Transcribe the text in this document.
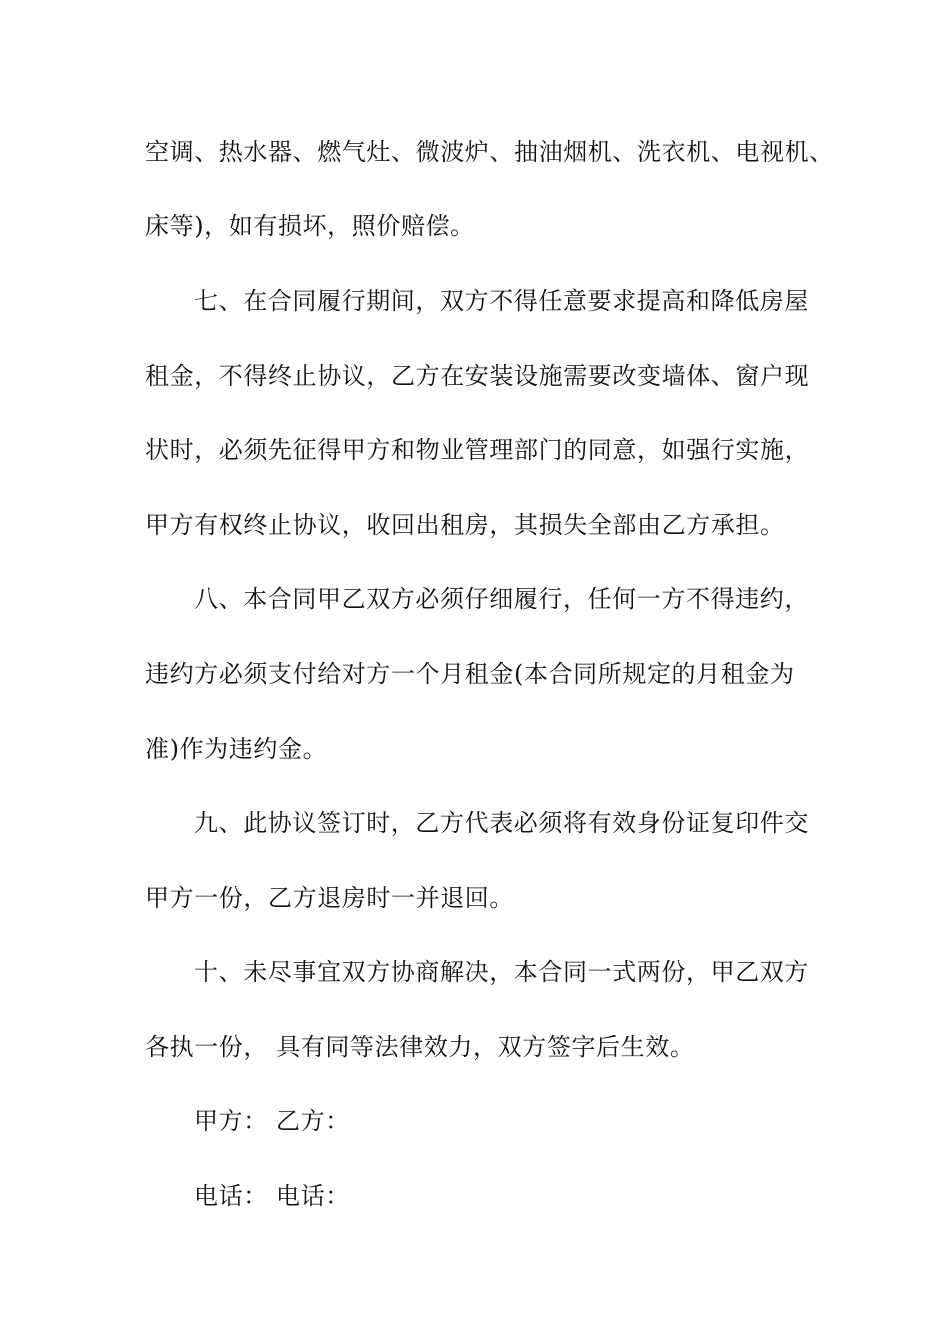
空调、热水器、燃气灶、微波炉、抽油烟机、洗衣机、电视机、
床等)，如有损坏，照价赔偿。
七、在合同履行期间，双方不得任意要求提高和降低房屋
租金，不得终止协议，乙方在安装设施需要改变墙体、窗户现
状时，必须先征得甲方和物业管理部门的同意，如强行实施，
甲方有权终止协议，收回出租房，其损失全部由乙方承担。
八、本合同甲乙双方必须仔细履行，任何一方不得违约，
违约方必须支付给对方一个月租金(本合同所规定的月租金为
准)作为违约金。
九、此协议签订时，乙方代表必须将有效身份证复印件交
甲方一份，乙方退房时一并退回。
十、未尽事宜双方协商解决，本合同一式两份，甲乙双方
各执一份， 具有同等法律效力，双方签字后生效。
甲方： 乙方：
电话： 电话：
